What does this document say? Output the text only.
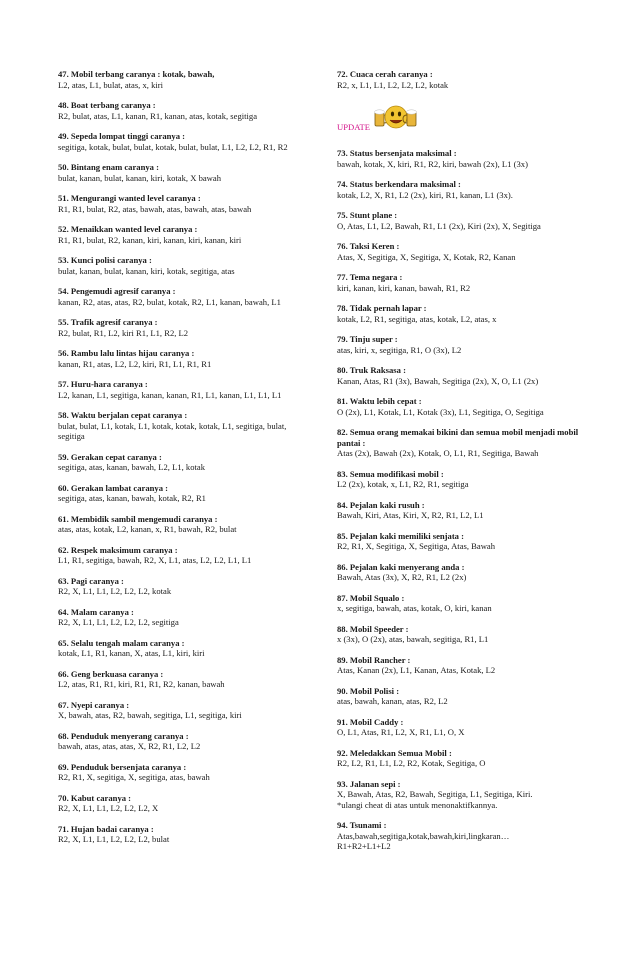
47. Mobil terbang caranya : kotak, bawah,
L2, atas, L1, bulat, atas, x, kiri
48. Boat terbang caranya :
R2, bulat, atas, L1, kanan, R1, kanan, atas, kotak, segitiga
49. Sepeda lompat tinggi caranya :
segitiga, kotak, bulat, bulat, kotak, bulat, bulat, L1, L2, L2, R1, R2
50. Bintang enam caranya :
bulat, kanan, bulat, kanan, kiri, kotak, X bawah
51. Mengurangi wanted level caranya :
R1, R1, bulat, R2, atas, bawah, atas, bawah, atas, bawah
52. Menaikkan wanted level caranya :
R1, R1, bulat, R2, kanan, kiri, kanan, kiri, kanan, kiri
53. Kunci polisi caranya :
bulat, kanan, bulat, kanan, kiri, kotak, segitiga, atas
54. Pengemudi agresif caranya :
kanan, R2, atas, atas, R2, bulat, kotak, R2, L1, kanan, bawah, L1
55. Trafik agresif caranya :
R2, bulat, R1, L2, kiri R1, L1, R2, L2
56. Rambu lalu lintas hijau caranya :
kanan, R1, atas, L2, L2, kiri, R1, L1, R1, R1
57. Huru-hara caranya :
L2, kanan, L1, segitiga, kanan, kanan, R1, L1, kanan, L1, L1, L1
58. Waktu berjalan cepat caranya :
bulat, bulat, L1, kotak, L1, kotak, kotak, kotak, L1, segitiga, bulat, segitiga
59. Gerakan cepat caranya :
segitiga, atas, kanan, bawah, L2, L1, kotak
60. Gerakan lambat caranya :
segitiga, atas, kanan, bawah, kotak, R2, R1
61. Membidik sambil mengemudi caranya :
atas, atas, kotak, L2, kanan, x, R1, bawah, R2, bulat
62. Respek maksimum caranya :
L1, R1, segitiga, bawah, R2, X, L1, atas, L2, L2, L1, L1
63. Pagi caranya :
R2, X, L1, L1, L2, L2, L2, kotak
64. Malam caranya :
R2, X, L1, L1, L2, L2, L2, segitiga
65. Selalu tengah malam caranya :
kotak, L1, R1, kanan, X, atas, L1, kiri, kiri
66. Geng berkuasa caranya :
L2, atas, R1, R1, kiri, R1, R1, R2, kanan, bawah
67. Nyepi caranya :
X, bawah, atas, R2, bawah, segitiga, L1, segitiga, kiri
68. Penduduk menyerang caranya :
bawah, atas, atas, atas, X, R2, R1, L2, L2
69. Penduduk bersenjata caranya :
R2, R1, X, segitiga, X, segitiga, atas, bawah
70. Kabut caranya :
R2, X, L1, L1, L2, L2, L2, X
71. Hujan badai caranya :
R2, X, L1, L1, L2, L2, L2, bulat
72. Cuaca cerah caranya :
R2, x, L1, L1, L2, L2, L2, kotak
UPDATE
73. Status bersenjata maksimal :
bawah, kotak, X, kiri, R1, R2, kiri, bawah (2x), L1 (3x)
74. Status berkendara maksimal :
kotak, L2, X, R1, L2 (2x), kiri, R1, kanan, L1 (3x).
75. Stunt plane :
O, Atas, L1, L2, Bawah, R1, L1 (2x), Kiri (2x), X, Segitiga
76. Taksi Keren :
Atas, X, Segitiga, X, Segitiga, X, Kotak, R2, Kanan
77. Tema negara :
kiri, kanan, kiri, kanan, bawah, R1, R2
78. Tidak pernah lapar :
kotak, L2, R1, segitiga, atas, kotak, L2, atas, x
79. Tinju super :
atas, kiri, x, segitiga, R1, O (3x), L2
80. Truk Raksasa :
Kanan, Atas, R1 (3x), Bawah, Segitiga (2x), X, O, L1 (2x)
81. Waktu lebih cepat :
O (2x), L1, Kotak, L1, Kotak (3x), L1, Segitiga, O, Segitiga
82. Semua orang memakai bikini dan semua mobil menjadi mobil pantai :
Atas (2x), Bawah (2x), Kotak, O, L1, R1, Segitiga, Bawah
83. Semua modifikasi mobil :
L2 (2x), kotak, x, L1, R2, R1, segitiga
84. Pejalan kaki rusuh :
Bawah, Kiri, Atas, Kiri, X, R2, R1, L2, L1
85. Pejalan kaki memiliki senjata :
R2, R1, X, Segitiga, X, Segitiga, Atas, Bawah
86. Pejalan kaki menyerang anda :
Bawah, Atas (3x), X, R2, R1, L2 (2x)
87. Mobil Squalo :
x, segitiga, bawah, atas, kotak, O, kiri, kanan
88. Mobil Speeder :
x (3x), O (2x), atas, bawah, segitiga, R1, L1
89. Mobil Rancher :
Atas, Kanan (2x), L1, Kanan, Atas, Kotak, L2
90. Mobil Polisi :
atas, bawah, kanan, atas, R2, L2
91. Mobil Caddy :
O, L1, Atas, R1, L2, X, R1, L1, O, X
92. Meledakkan Semua Mobil :
R2, L2, R1, L1, L2, R2, Kotak, Segitiga, O
93. Jalanan sepi :
X, Bawah, Atas, R2, Bawah, Segitiga, L1, Segitiga, Kiri.
*ulangi cheat di atas untuk menonaktifkannya.
94. Tsunami :
Atas,bawah,segitiga,kotak,bawah,kiri,lingkaran…
R1+R2+L1+L2
